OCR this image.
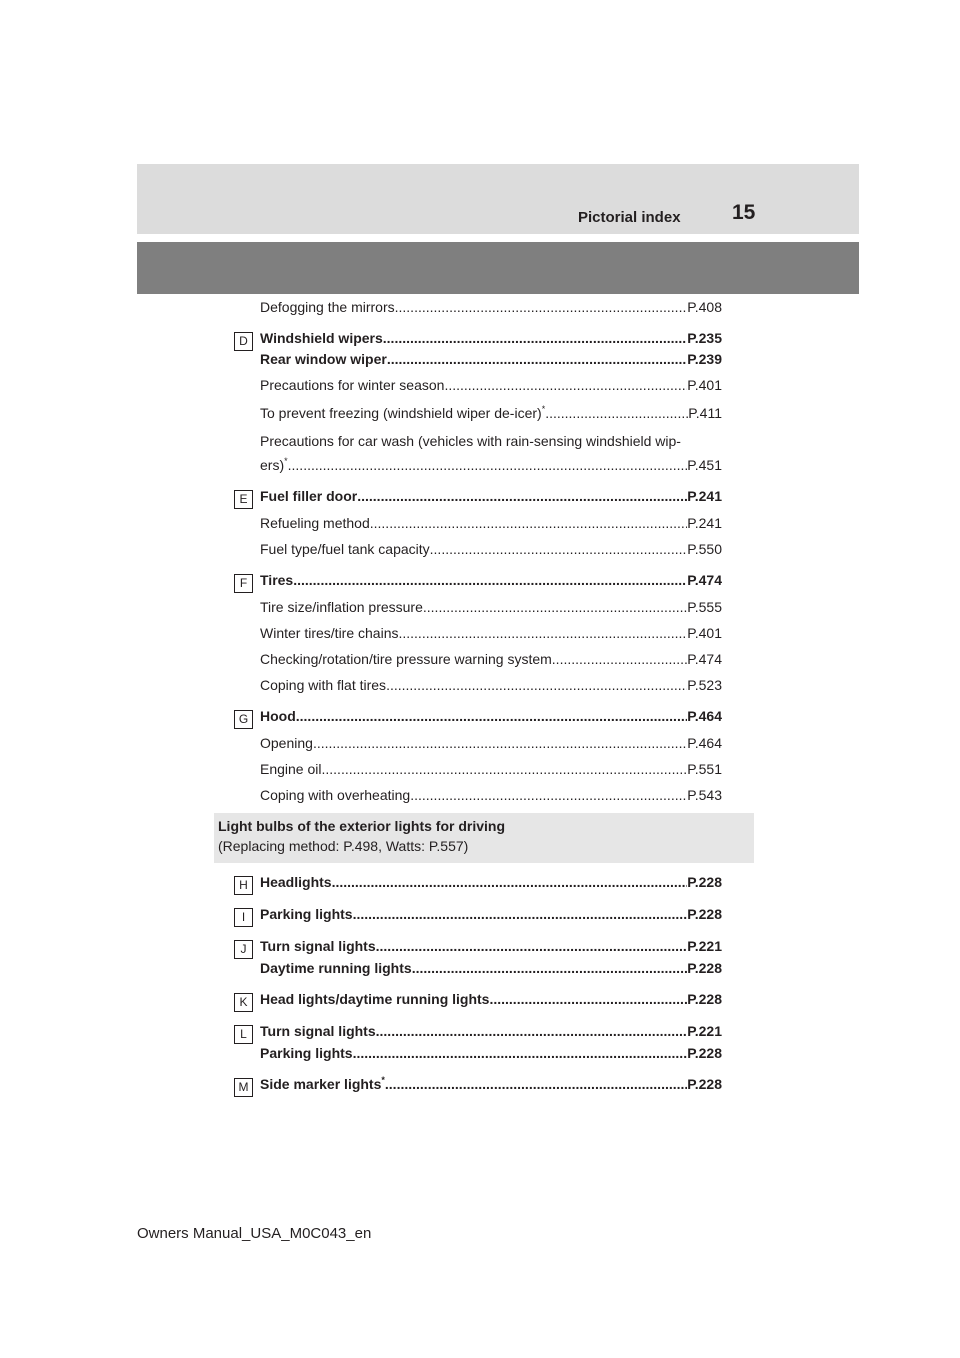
Pictorial index 15
Defogging the mirrors .....	P.408
D Windshield wipers .....	P.235
Rear window wiper .....	P.239
Precautions for winter season .....	P.401
To prevent freezing (windshield wiper de-icer)* .....	P.411
Precautions for car wash (vehicles with rain-sensing windshield wip-
ers)* .....	P.451
E Fuel filler door .....	P.241
Refueling method .....	P.241
Fuel type/fuel tank capacity .....	P.550
F Tires .....	P.474
Tire size/inflation pressure .....	P.555
Winter tires/tire chains .....	P.401
Checking/rotation/tire pressure warning system .....	P.474
Coping with flat tires .....	P.523
G Hood .....	P.464
Opening .....	P.464
Engine oil .....	P.551
Coping with overheating .....	P.543
Light bulbs of the exterior lights for driving
(Replacing method: P.498, Watts: P.557)
H Headlights .....	P.228
I	Parking lights .....	P.228
J Turn signal lights .....	P.221
Daytime running lights .....	P.228
K Head lights/daytime running lights .....	P.228
L Turn signal lights .....	P.221
Parking lights .....	P.228
M Side marker lights* .....	P.228
Owners Manual_USA_M0C043_en
